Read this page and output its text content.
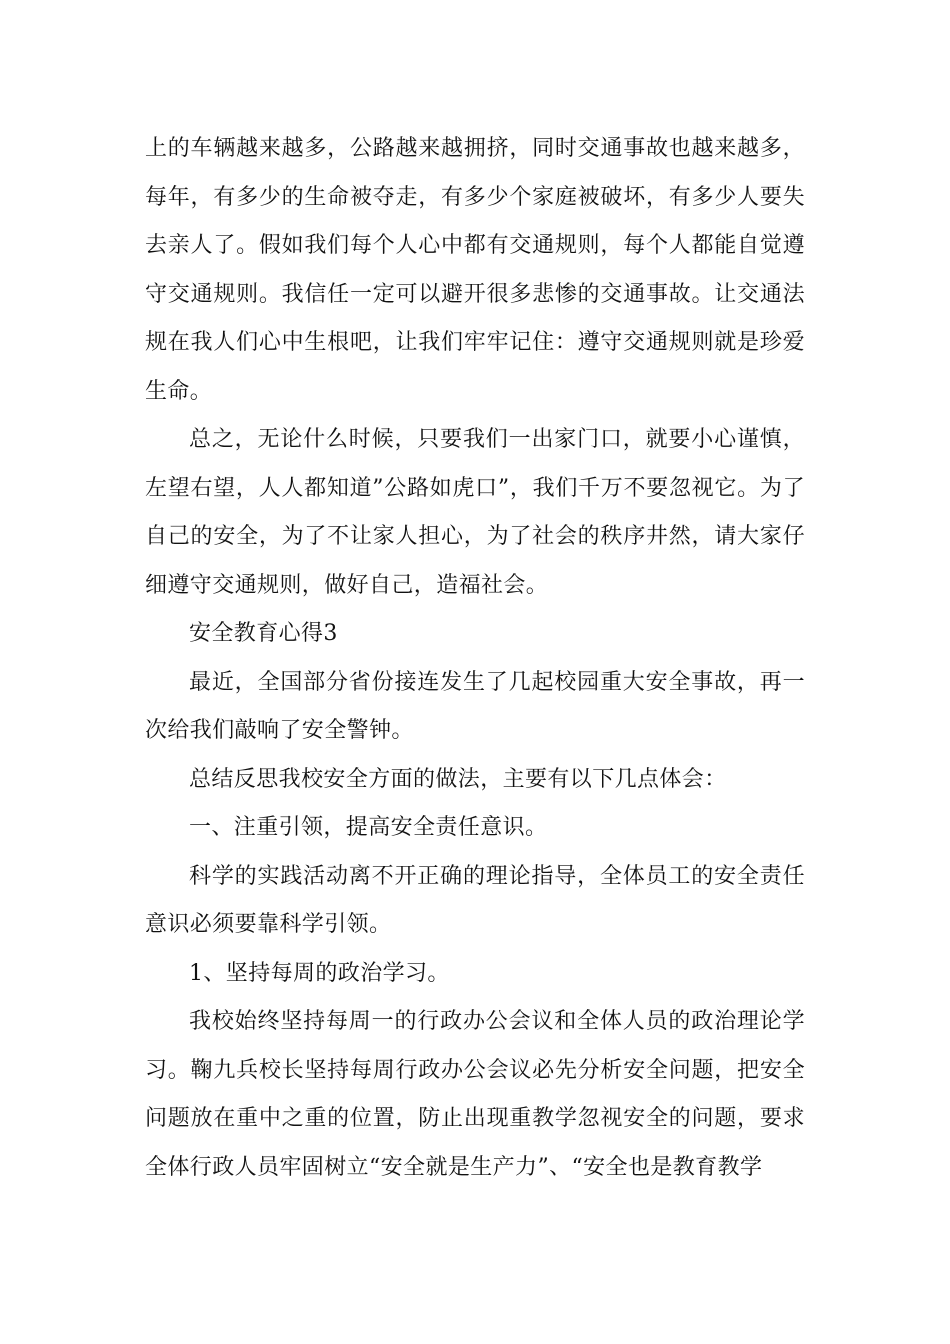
上的车辆越来越多，公路越来越拥挤，同时交通事故也越来越多，每年，有多少的生命被夺走，有多少个家庭被破坏，有多少人要失去亲人了。假如我们每个人心中都有交通规则，每个人都能自觉遵守交通规则。我信任一定可以避开很多悲惨的交通事故。让交通法规在我人们心中生根吧，让我们牢牢记住：遵守交通规则就是珍爱生命。

总之，无论什么时候，只要我们一出家门口，就要小心谨慎，左望右望，人人都知道”公路如虎口”，我们千万不要忽视它。为了自己的安全，为了不让家人担心，为了社会的秩序井然，请大家仔细遵守交通规则，做好自己，造福社会。

安全教育心得3

最近，全国部分省份接连发生了几起校园重大安全事故，再一次给我们敲响了安全警钟。

总结反思我校安全方面的做法，主要有以下几点体会：

一、注重引领，提高安全责任意识。

科学的实践活动离不开正确的理论指导，全体员工的安全责任意识必须要靠科学引领。

1、坚持每周的政治学习。

我校始终坚持每周一的行政办公会议和全体人员的政治理论学习。鞠九兵校长坚持每周行政办公会议必先分析安全问题，把安全问题放在重中之重的位置，防止出现重教学忽视安全的问题，要求全体行政人员牢固树立“安全就是生产力”、“安全也是教育教学
